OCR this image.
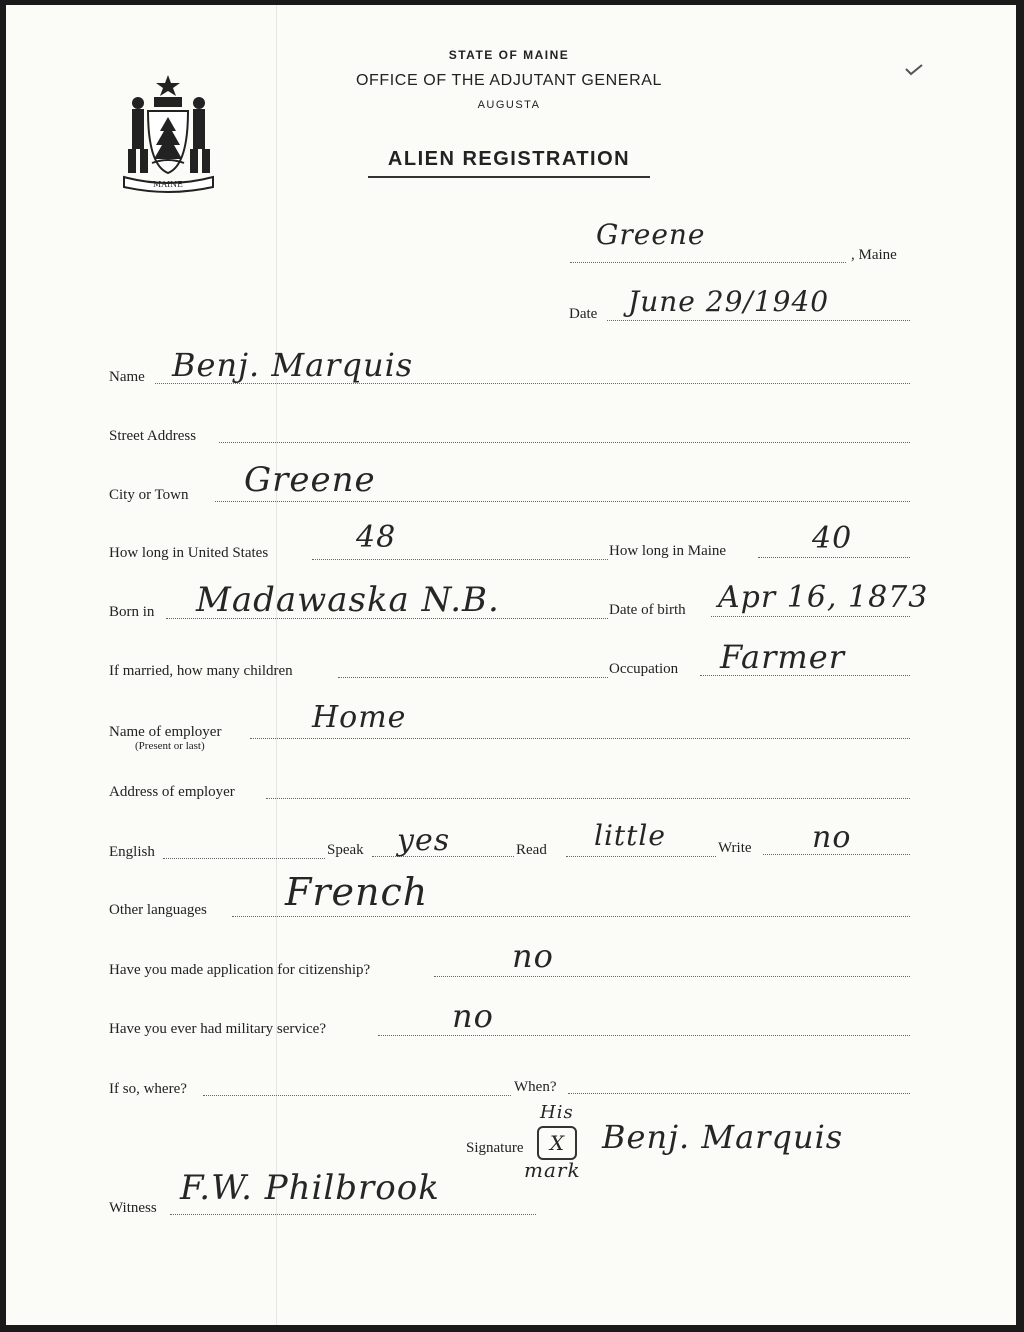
MAINE
STATE OF MAINE
OFFICE OF THE ADJUTANT GENERAL
AUGUSTA
ALIEN REGISTRATION
Greene
, Maine
Date June 29/1940
Name Benj. Marquis
Street Address
City or Town Greene
How long in United States	48	How long in Maine	40
Born in Madawaska N.B.	Date of birth Apr 16, 1873
If married, how many children	Occupation Farmer
Name of employer
(Present or last)
Home
Address of employer
English	Speak yes	Read little	Write no
Other languages French
Have you made application for citizenship?	no
Have you ever had military service?	no
If so, where?	When?
His
Signature	X
mark
Benj. Marquis
Witness F.W. Philbrook
